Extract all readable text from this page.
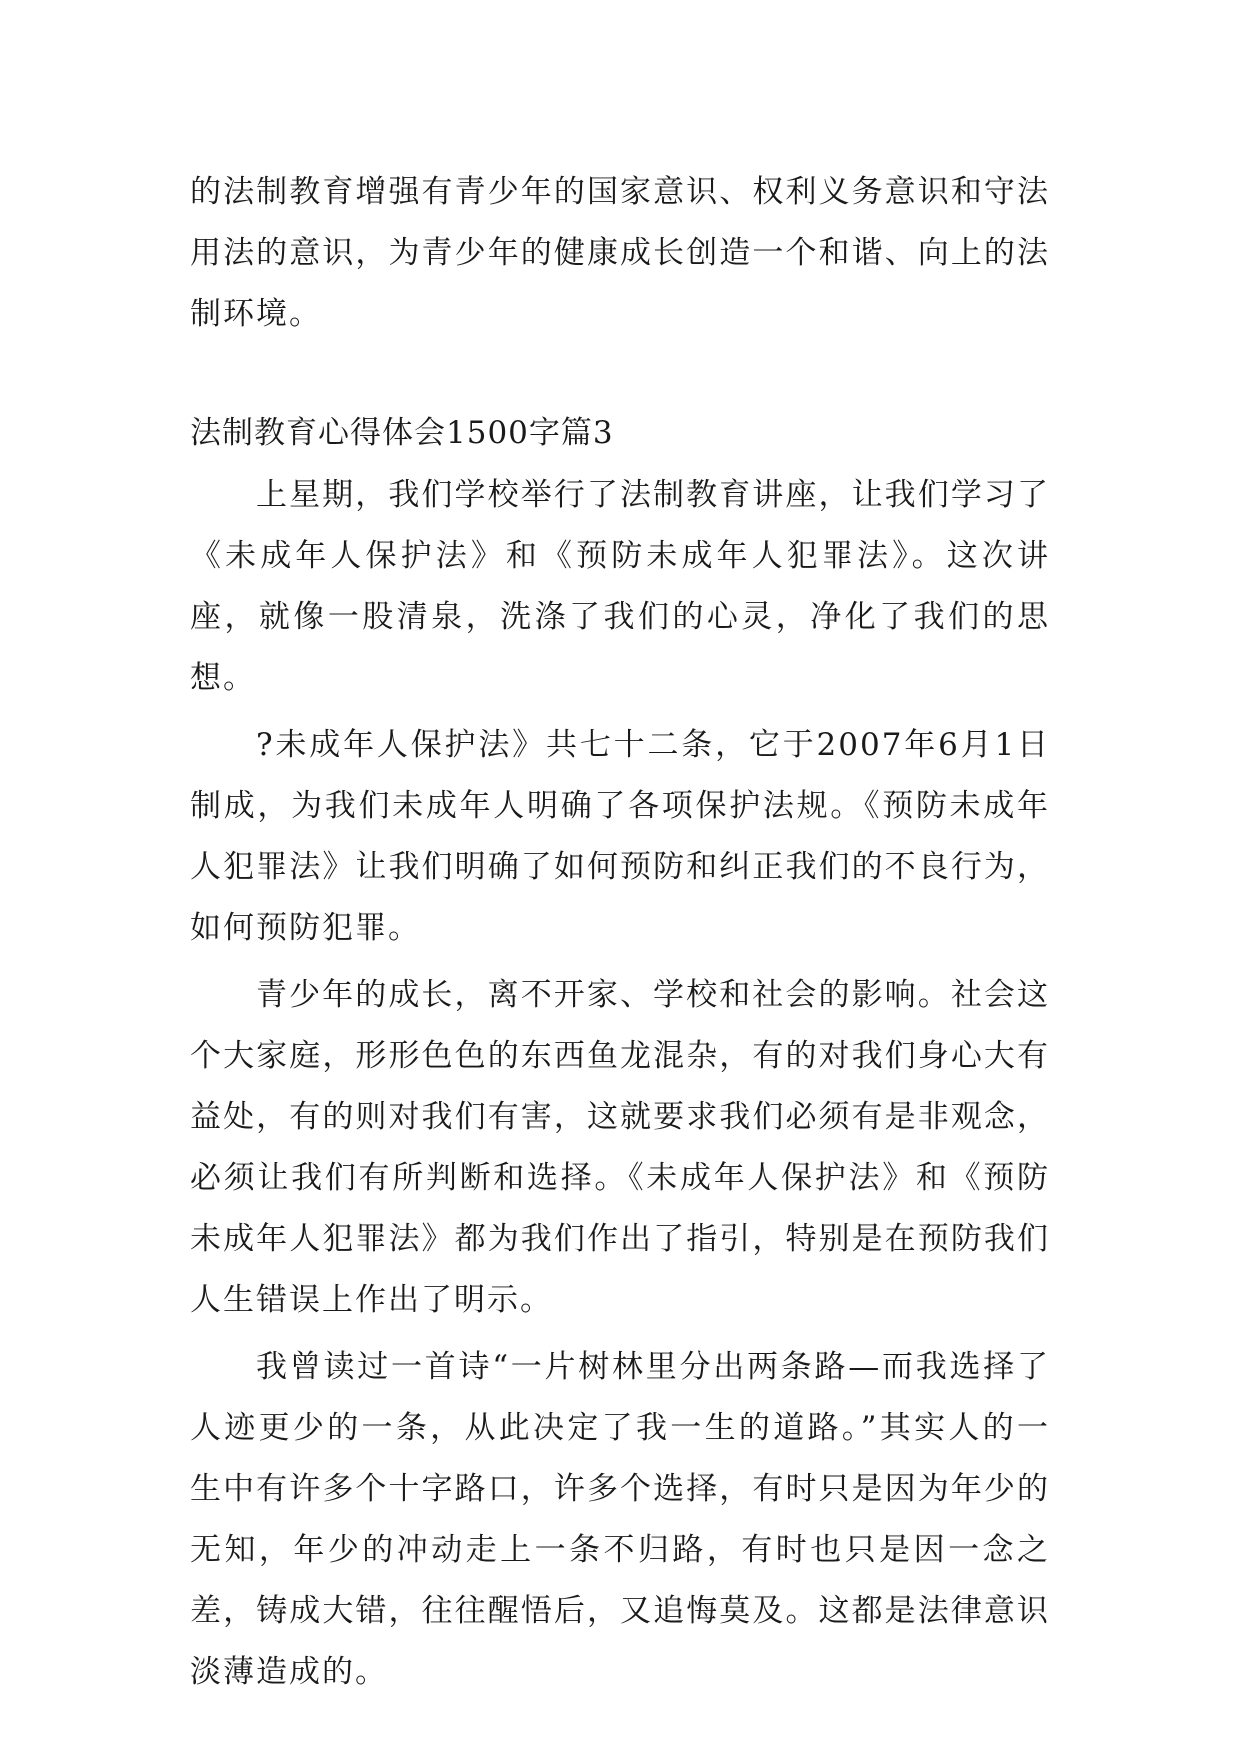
的法制教育增强有青少年的国家意识、权利义务意识和守法用法的意识，为青少年的健康成长创造一个和谐、向上的法制环境。

法制教育心得体会1500字篇3

上星期，我们学校举行了法制教育讲座，让我们学习了《未成年人保护法》和《预防未成年人犯罪法》。这次讲座，就像一股清泉，洗涤了我们的心灵，净化了我们的思想。

?未成年人保护法》共七十二条，它于2007年6月1日制成，为我们未成年人明确了各项保护法规。《预防未成年人犯罪法》让我们明确了如何预防和纠正我们的不良行为，如何预防犯罪。

青少年的成长，离不开家、学校和社会的影响。社会这个大家庭，形形色色的东西鱼龙混杂，有的对我们身心大有益处，有的则对我们有害，这就要求我们必须有是非观念，必须让我们有所判断和选择。《未成年人保护法》和《预防未成年人犯罪法》都为我们作出了指引，特别是在预防我们人生错误上作出了明示。

我曾读过一首诗“一片树林里分出两条路—而我选择了人迹更少的一条，从此决定了我一生的道路。”其实人的一生中有许多个十字路口，许多个选择，有时只是因为年少的无知，年少的冲动走上一条不归路，有时也只是因一念之差，铸成大错，往往醒悟后，又追悔莫及。这都是法律意识淡薄造成的。
